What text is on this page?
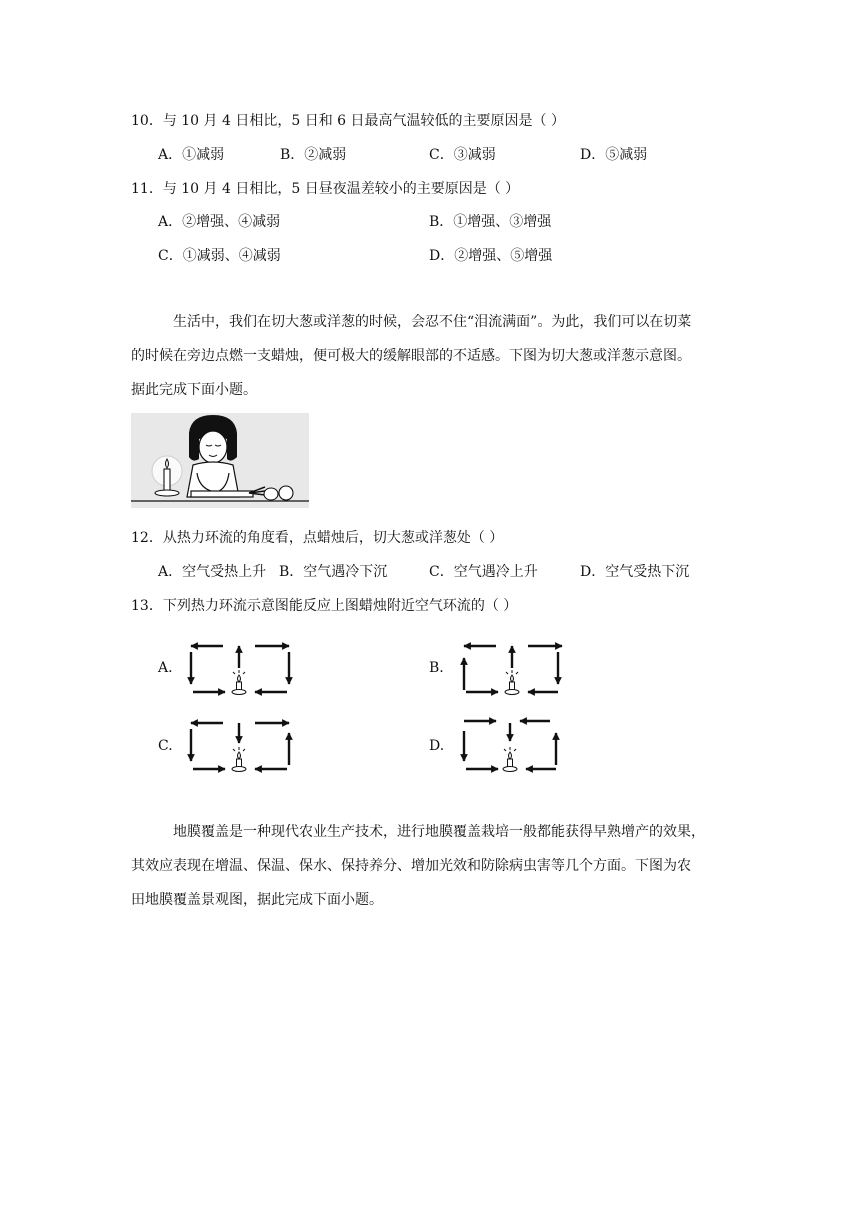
10．与 10 月 4 日相比，5 日和 6 日最高气温较低的主要原因是（ ）
A．①减弱	B．②减弱	C．③减弱	D．⑤减弱
11．与 10 月 4 日相比，5 日昼夜温差较小的主要原因是（ ）
A．②增强、④减弱	B．①增强、③增强
C．①减弱、④减弱	D．②增强、⑤增强

生活中，我们在切大葱或洋葱的时候，会忍不住“泪流满面”。为此，我们可以在切菜

的时候在旁边点燃一支蜡烛，便可极大的缓解眼部的不适感。下图为切大葱或洋葱示意图。

据此完成下面小题。

12．从热力环流的角度看，点蜡烛后，切大葱或洋葱处（ ）
A．空气受热上升 B．空气遇冷下沉	C．空气遇冷上升	D．空气受热下沉
13．下列热力环流示意图能反应上图蜡烛附近空气环流的（ ）
A.	B.
C.	D.

地膜覆盖是一种现代农业生产技术，进行地膜覆盖栽培一般都能获得早熟增产的效果，

其效应表现在增温、保温、保水、保持养分、增加光效和防除病虫害等几个方面。下图为农

田地膜覆盖景观图，据此完成下面小题。
